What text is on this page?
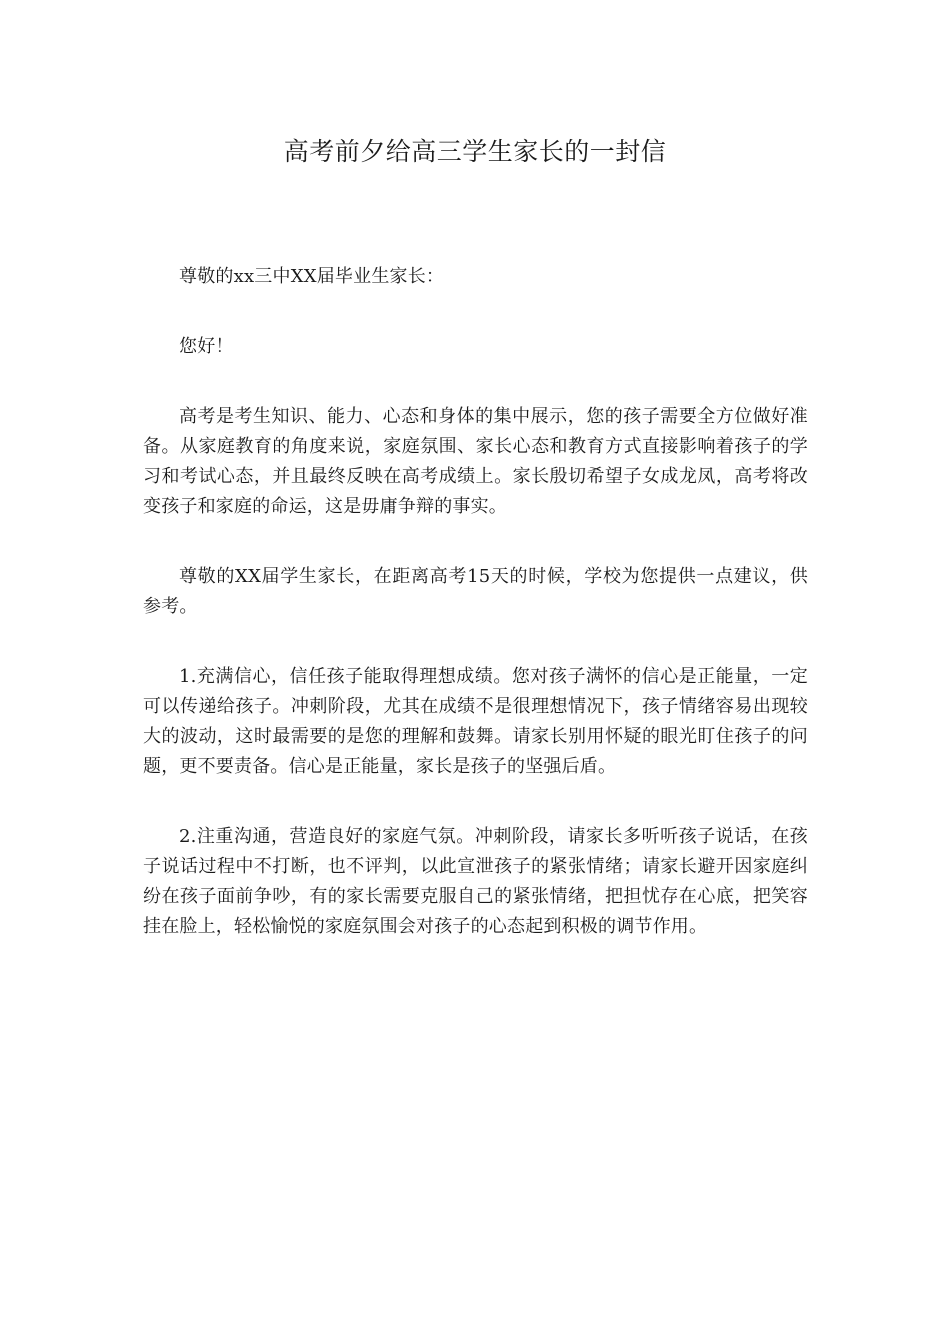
高考前夕给高三学生家长的一封信

尊敬的xx三中XX届毕业生家长：

您好！

高考是考生知识、能力、心态和身体的集中展示，您的孩子需要全方位做好准备。从家庭教育的角度来说，家庭氛围、家长心态和教育方式直接影响着孩子的学习和考试心态，并且最终反映在高考成绩上。家长殷切希望子女成龙凤，高考将改变孩子和家庭的命运，这是毋庸争辩的事实。

尊敬的XX届学生家长，在距离高考15天的时候，学校为您提供一点建议，供参考。

1.充满信心，信任孩子能取得理想成绩。您对孩子满怀的信心是正能量，一定可以传递给孩子。冲刺阶段，尤其在成绩不是很理想情况下，孩子情绪容易出现较大的波动，这时最需要的是您的理解和鼓舞。请家长别用怀疑的眼光盯住孩子的问题，更不要责备。信心是正能量，家长是孩子的坚强后盾。

2.注重沟通，营造良好的家庭气氛。冲刺阶段，请家长多听听孩子说话，在孩子说话过程中不打断，也不评判，以此宣泄孩子的紧张情绪；请家长避开因家庭纠纷在孩子面前争吵，有的家长需要克服自己的紧张情绪，把担忧存在心底，把笑容挂在脸上，轻松愉悦的家庭氛围会对孩子的心态起到积极的调节作用。
